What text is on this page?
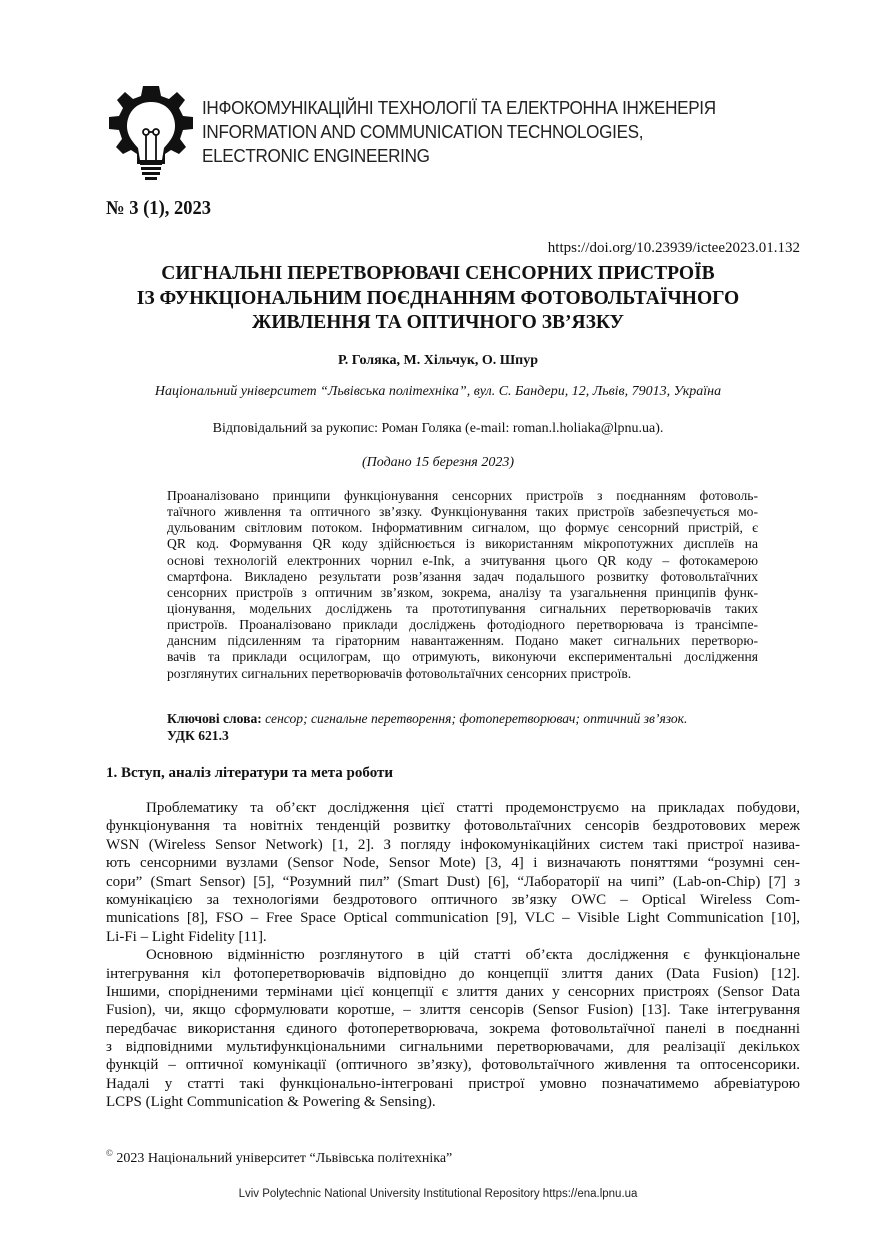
ІНФОКОМУНІКАЦІЙНІ ТЕХНОЛОГІЇ ТА ЕЛЕКТРОННА ІНЖЕНЕРІЯ
INFORMATION AND COMMUNICATION TECHNOLOGIES,
ELECTRONIC ENGINEERING
№ 3 (1), 2023
https://doi.org/10.23939/ictee2023.01.132
СИГНАЛЬНІ ПЕРЕТВОРЮВАЧІ СЕНСОРНИХ ПРИСТРОЇВ
ІЗ ФУНКЦІОНАЛЬНИМ ПОЄДНАННЯМ ФОТОВОЛЬТАЇЧНОГО
ЖИВЛЕННЯ ТА ОПТИЧНОГО ЗВ’ЯЗКУ
Р. Голяка, М. Хільчук, О. Шпур
Національний університет “Львівська політехніка”, вул. С. Бандери, 12, Львів, 79013, Україна
Відповідальний за рукопис: Роман Голяка (e-mail: roman.l.holiaka@lpnu.ua).
(Подано 15 березня 2023)
Проаналізовано принципи функціонування сенсорних пристроїв з поєднанням фотоволь-
таїчного живлення та оптичного зв’язку. Функціонування таких пристроїв забезпечується мо-
дульованим світловим потоком. Інформативним сигналом, що формує сенсорний пристрій, є
QR код. Формування QR коду здійснюється із використанням мікропотужних дисплеїв на
основі технологій електронних чорнил e-Ink, а зчитування цього QR коду – фотокамерою
смартфона. Викладено результати розв’язання задач подальшого розвитку фотовольтаїчних
сенсорних пристроїв з оптичним зв’язком, зокрема, аналізу та узагальнення принципів функ-
ціонування, модельних досліджень та прототипування сигнальних перетворювачів таких
пристроїв. Проаналізовано приклади досліджень фотодіодного перетворювача із трансімпе-
дансним підсиленням та гіраторним навантаженням. Подано макет сигнальних перетворю-
вачів та приклади осцилограм, що отримують, виконуючи експериментальні дослідження
розглянутих сигнальних перетворювачів фотовольтаїчних сенсорних пристроїв.
Ключові слова: сенсор; сигнальне перетворення; фотоперетворювач; оптичний зв’язок.
УДК 621.3
1. Вступ, аналіз літератури та мета роботи
Проблематику та об’єкт дослідження цієї статті продемонструємо на прикладах побудови,
функціонування та новітніх тенденцій розвитку фотовольтаїчних сенсорів бездротовових мереж
WSN (Wireless Sensor Network) [1, 2]. З погляду інфокомунікаційних систем такі пристрої назива-
ють сенсорними вузлами (Sensor Node, Sensor Mote) [3, 4] і визначають поняттями “розумні сен-
сори” (Smart Sensor) [5], “Розумний пил” (Smart Dust) [6], “Лабораторії на чипі” (Lab-on-Chip) [7] з
комунікацією за технологіями бездротового оптичного зв’язку OWC – Optical Wireless Com-
munications [8], FSO – Free Space Optical communication [9], VLC – Visible Light Communication [10],
Li-Fi – Light Fidelity [11].
Основною відмінністю розглянутого в цій статті об’єкта дослідження є функціональне
інтегрування кіл фотоперетворювачів відповідно до концепції злиття даних (Data Fusion) [12].
Іншими, спорідненими термінами цієї концепції є злиття даних у сенсорних пристроях (Sensor Data
Fusion), чи, якщо сформулювати коротше, – злиття сенсорів (Sensor Fusion) [13]. Таке інтегрування
передбачає використання єдиного фотоперетворювача, зокрема фотовольтаїчної панелі в поєднанні
з відповідними мультифункціональними сигнальними перетворювачами, для реалізації декількох
функцій – оптичної комунікації (оптичного зв’язку), фотовольтаїчного живлення та оптосенсорики.
Надалі у статті такі функціонально-інтегровані пристрої умовно позначатимемо абревіатурою
LCPS (Light Communication & Powering & Sensing).
© 2023 Національний університет “Львівська політехніка”
Lviv Polytechnic National University Institutional Repository https://ena.lpnu.ua
